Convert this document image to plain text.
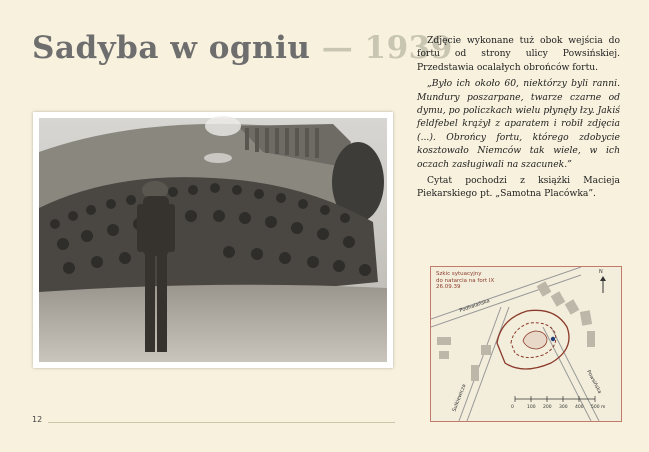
Sadyba w ogniu — 1939

Zdjęcie wykonane tuż obok wejścia do fortu od strony ulicy Powsińskiej. Przedstawia ocalałych obrońców fortu.

„Było ich około 60, niektórzy byli ranni. Mundury poszarpane, twarze czarne od dymu, po policzkach wielu płynęły łzy. Jakiś feldfebel krążył z aparatem i robił zdjęcia (...). Obrońcy fortu, którego zdobycie kosztowało Niemców tak wiele, w ich oczach zasługiwali na szacunek.”

Cytat pochodzi z książki Macieja Piekarskiego pt. „Samotna Placówka”.

Szkic sytuacyjny
do natarcia na fort IX
26.09.39
N
Podhalańska
Sulkiewicza
Powsińska
0	100 200 300 400 500m
12
